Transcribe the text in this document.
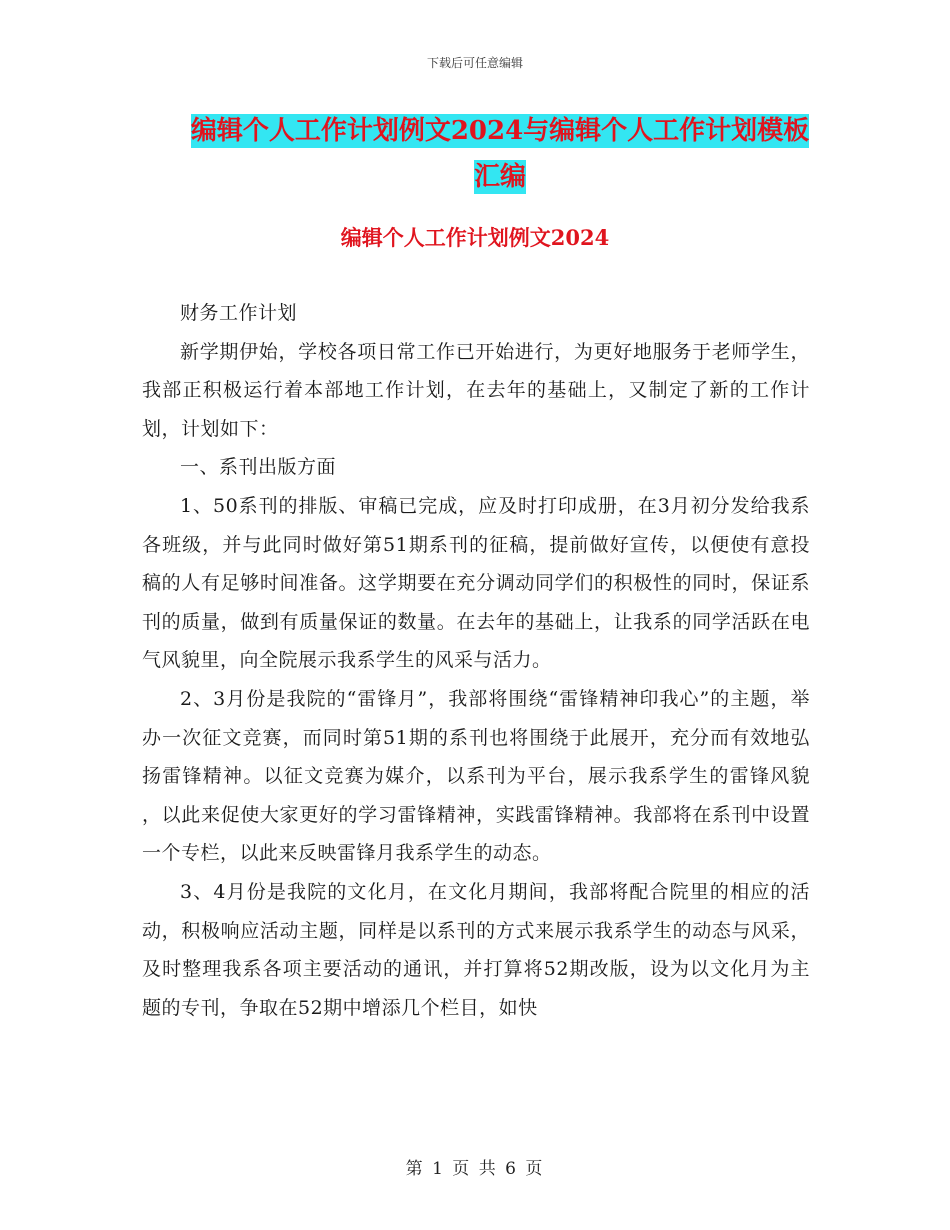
下载后可任意编辑
编辑个人工作计划例文2024与编辑个人工作计划模板
汇编
编辑个人工作计划例文2024

财务工作计划

新学期伊始，学校各项日常工作已开始进行，为更好地服务于老师学生，我部正积极运行着本部地工作计划，在去年的基础上，又制定了新的工作计划，计划如下：

一、系刊出版方面

1、50系刊的排版、审稿已完成，应及时打印成册，在3月初分发给我系各班级，并与此同时做好第51期系刊的征稿，提前做好宣传，以便使有意投稿的人有足够时间准备。这学期要在充分调动同学们的积极性的同时，保证系刊的质量，做到有质量保证的数量。在去年的基础上，让我系的同学活跃在电气风貌里，向全院展示我系学生的风采与活力。

2、3月份是我院的“雷锋月”，我部将围绕“雷锋精神印我心”的主题，举办一次征文竞赛，而同时第51期的系刊也将围绕于此展开，充分而有效地弘扬雷锋精神。以征文竞赛为媒介，以系刊为平台，展示我系学生的雷锋风貌 ，以此来促使大家更好的学习雷锋精神，实践雷锋精神。我部将在系刊中设置一个专栏，以此来反映雷锋月我系学生的动态。

3、4月份是我院的文化月，在文化月期间，我部将配合院里的相应的活动，积极响应活动主题，同样是以系刊的方式来展示我系学生的动态与风采，及时整理我系各项主要活动的通讯，并打算将52期改版，设为以文化月为主题的专刊，争取在52期中增添几个栏目，如快

第 1 页 共 6 页
